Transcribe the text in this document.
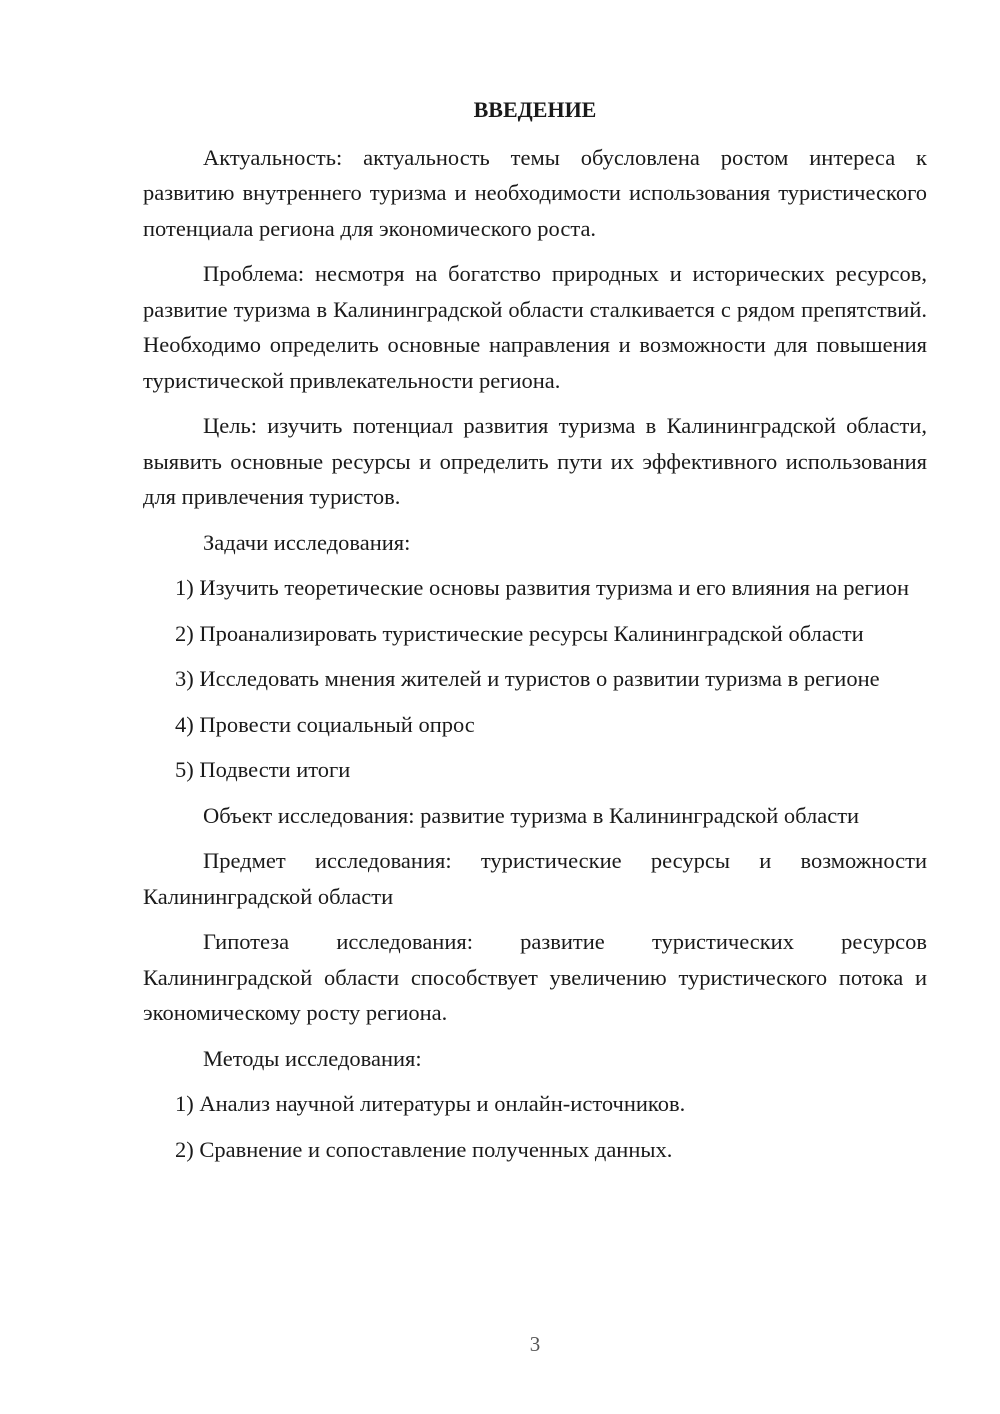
ВВЕДЕНИЕ

Актуальность: актуальность темы обусловлена ростом интереса к развитию внутреннего туризма и необходимости использования туристического потенциала региона для экономического роста.

Проблема: несмотря на богатство природных и исторических ресурсов, развитие туризма в Калининградской области сталкивается с рядом препятствий. Необходимо определить основные направления и возможности для повышения туристической привлекательности региона.

Цель: изучить потенциал развития туризма в Калининградской области, выявить основные ресурсы и определить пути их эффективного использования для привлечения туристов.

Задачи исследования:

1) Изучить теоретические основы развития туризма и его влияния на регион

2) Проанализировать туристические ресурсы Калининградской области

3) Исследовать мнения жителей и туристов о развитии туризма в регионе

4) Провести социальный опрос

5) Подвести итоги

Объект исследования: развитие туризма в Калининградской области

Предмет исследования: туристические ресурсы и возможности Калининградской области

Гипотеза исследования: развитие туристических ресурсов Калининградской области способствует увеличению туристического потока и экономическому росту региона.

Методы исследования:

1) Анализ научной литературы и онлайн-источников.

2) Сравнение и сопоставление полученных данных.

3
